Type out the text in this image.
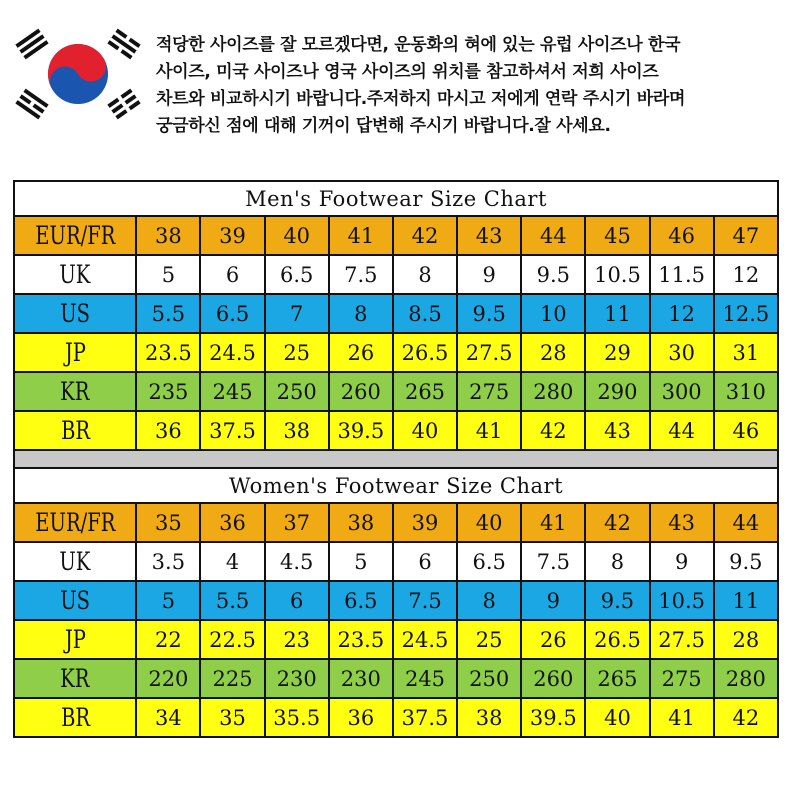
적당한 사이즈를 잘 모르겠다면, 운동화의 혀에 있는 유럽 사이즈나 한국
사이즈, 미국 사이즈나 영국 사이즈의 위치를 참고하셔서 저희 사이즈
차트와 비교하시기 바랍니다.주저하지 마시고 저에게 연락 주시기 바라며
궁금하신 점에 대해 기꺼이 답변해 주시기 바랍니다.잘 사세요.
Men's Footwear Size Chart										
EUR/FR	38	39	40	41	42	43	44	45	46	47
UK	5	6	6.5	7.5	8	9	9.5	10.5	11.5	12
US	5.5	6.5	7	8	8.5	9.5	10	11	12	12.5
JP	23.5	24.5	25	26	26.5	27.5	28	29	30	31
KR	235	245	250	260	265	275	280	290	300	310
BR	36	37.5	38	39.5	40	41	42	43	44	46

Women's Footwear Size Chart										
EUR/FR	35	36	37	38	39	40	41	42	43	44
UK	3.5	4	4.5	5	6	6.5	7.5	8	9	9.5
US	5	5.5	6	6.5	7.5	8	9	9.5	10.5	11
JP	22	22.5	23	23.5	24.5	25	26	26.5	27.5	28
KR	220	225	230	230	245	250	260	265	275	280
BR	34	35	35.5	36	37.5	38	39.5	40	41	42
